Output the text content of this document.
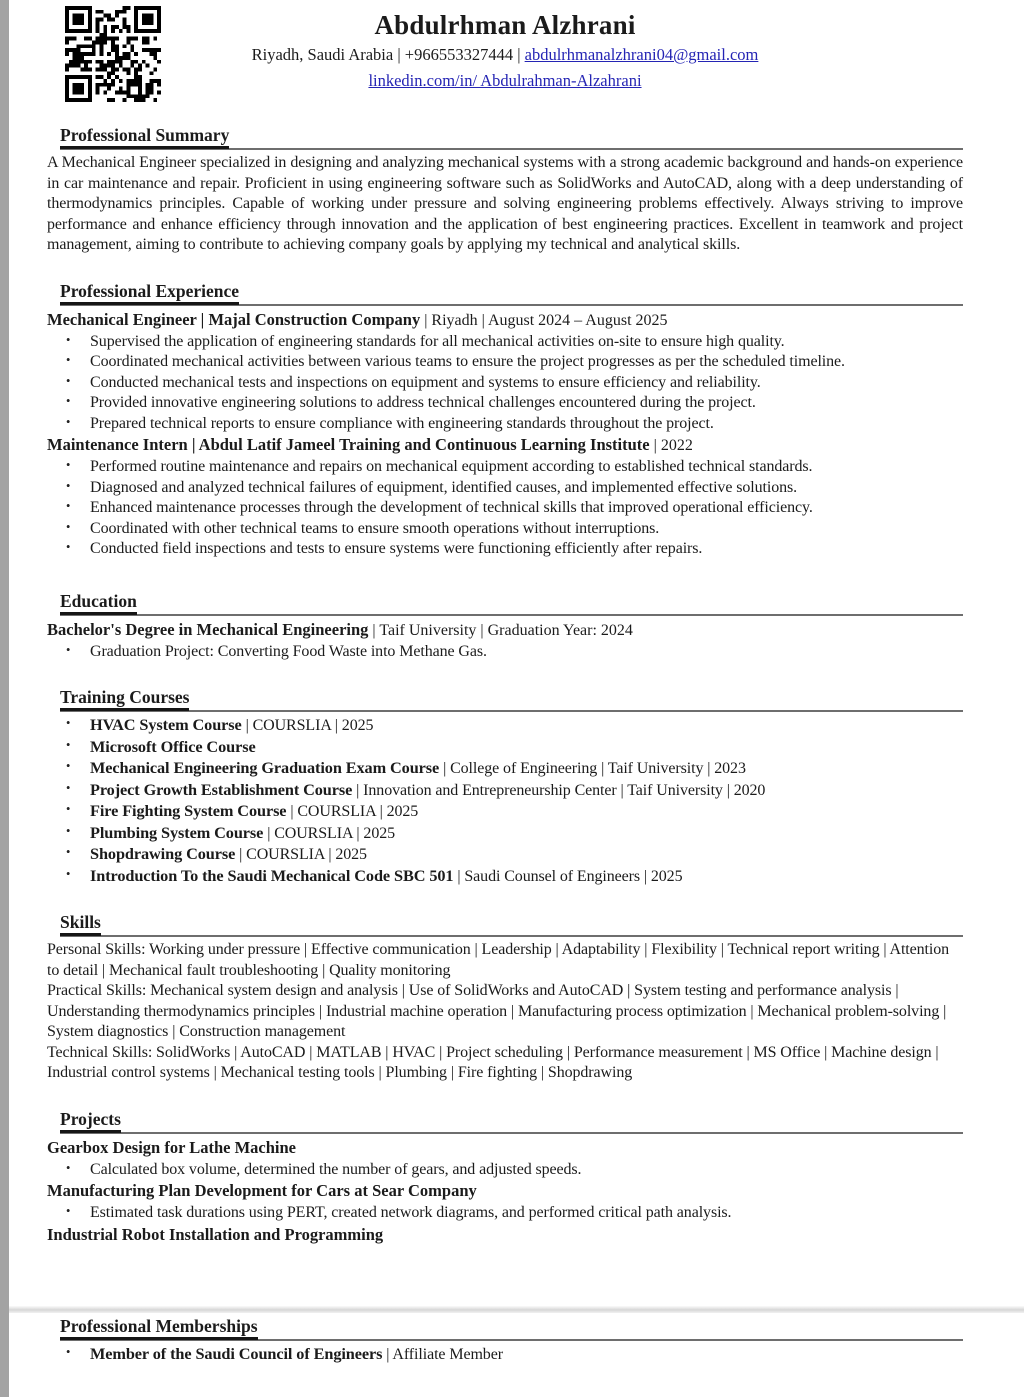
Abdulrhman Alzhrani
Riyadh, Saudi Arabia | +966553327444 | abdulrhmanalzhrani04@gmail.com
linkedin.com/in/ Abdulrahman-Alzahrani
Professional Summary
A Mechanical Engineer specialized in designing and analyzing mechanical systems with a strong academic background and hands-on experience in car maintenance and repair. Proficient in using engineering software such as SolidWorks and AutoCAD, along with a deep understanding of thermodynamics principles. Capable of working under pressure and solving engineering problems effectively. Always striving to improve performance and enhance efficiency through innovation and the application of best engineering practices. Excellent in teamwork and project management, aiming to contribute to achieving company goals by applying my technical and analytical skills.
Professional Experience
Mechanical Engineer | Majal Construction Company | Riyadh | August 2024 – August 2025
• Supervised the application of engineering standards for all mechanical activities on-site to ensure high quality.
• Coordinated mechanical activities between various teams to ensure the project progresses as per the scheduled timeline.
• Conducted mechanical tests and inspections on equipment and systems to ensure efficiency and reliability.
• Provided innovative engineering solutions to address technical challenges encountered during the project.
• Prepared technical reports to ensure compliance with engineering standards throughout the project.
Maintenance Intern | Abdul Latif Jameel Training and Continuous Learning Institute | 2022
• Performed routine maintenance and repairs on mechanical equipment according to established technical standards.
• Diagnosed and analyzed technical failures of equipment, identified causes, and implemented effective solutions.
• Enhanced maintenance processes through the development of technical skills that improved operational efficiency.
• Coordinated with other technical teams to ensure smooth operations without interruptions.
• Conducted field inspections and tests to ensure systems were functioning efficiently after repairs.
Education
Bachelor's Degree in Mechanical Engineering | Taif University | Graduation Year: 2024
• Graduation Project: Converting Food Waste into Methane Gas.
Training Courses
• HVAC System Course | COURSLIA | 2025
• Microsoft Office Course
• Mechanical Engineering Graduation Exam Course | College of Engineering | Taif University | 2023
• Project Growth Establishment Course | Innovation and Entrepreneurship Center | Taif University | 2020
• Fire Fighting System Course | COURSLIA | 2025
• Plumbing System Course | COURSLIA | 2025
• Shopdrawing Course | COURSLIA | 2025
• Introduction To the Saudi Mechanical Code SBC 501 | Saudi Counsel of Engineers | 2025
Skills
Personal Skills: Working under pressure | Effective communication | Leadership | Adaptability | Flexibility | Technical report writing | Attention to detail | Mechanical fault troubleshooting | Quality monitoring
Practical Skills: Mechanical system design and analysis | Use of SolidWorks and AutoCAD | System testing and performance analysis | Understanding thermodynamics principles | Industrial machine operation | Manufacturing process optimization | Mechanical problem-solving | System diagnostics | Construction management
Technical Skills: SolidWorks | AutoCAD | MATLAB | HVAC | Project scheduling | Performance measurement | MS Office | Machine design | Industrial control systems | Mechanical testing tools | Plumbing | Fire fighting | Shopdrawing
Projects
Gearbox Design for Lathe Machine
• Calculated box volume, determined the number of gears, and adjusted speeds.
Manufacturing Plan Development for Cars at Sear Company
• Estimated task durations using PERT, created network diagrams, and performed critical path analysis.
Industrial Robot Installation and Programming
Professional Memberships
• Member of the Saudi Council of Engineers | Affiliate Member
